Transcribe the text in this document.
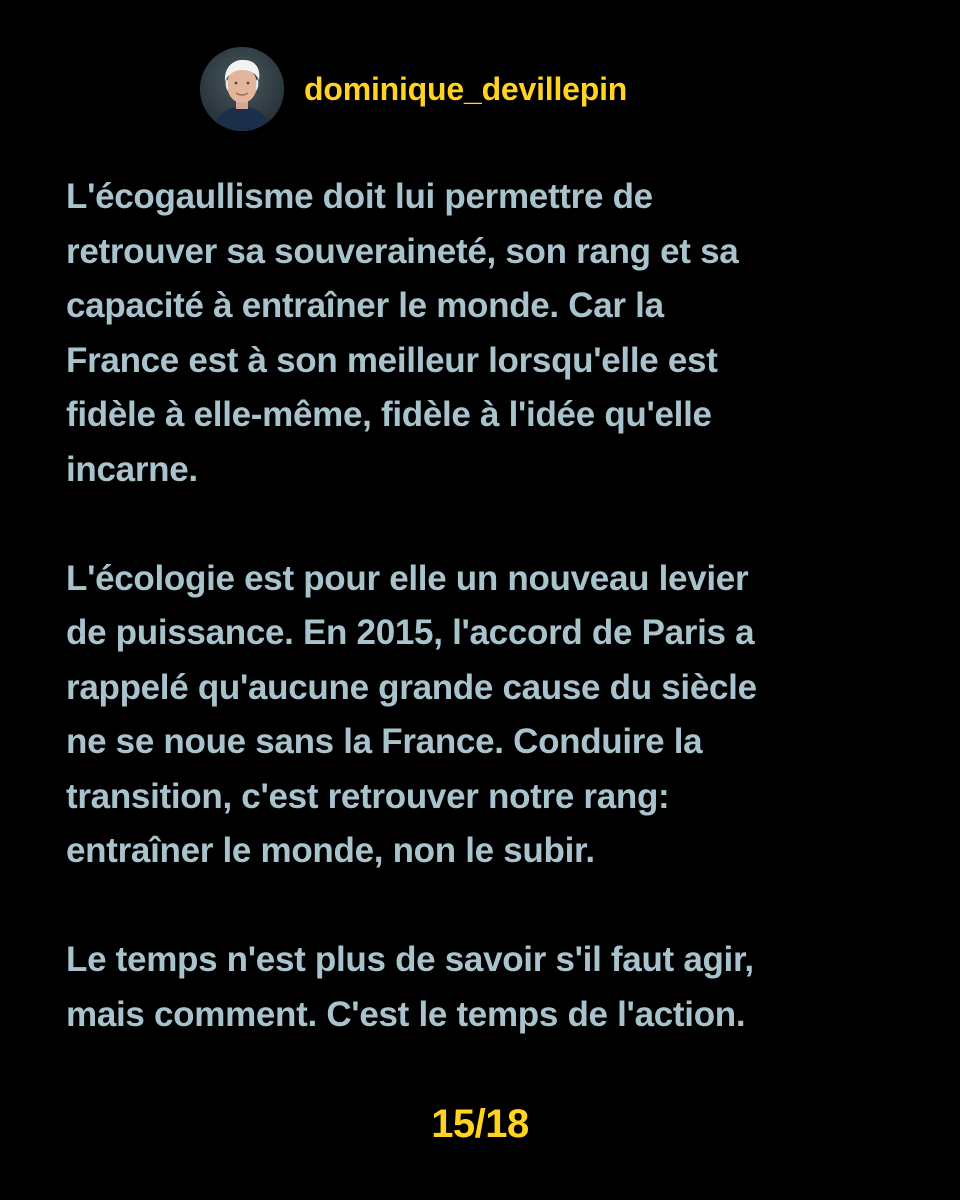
dominique_devillepin

L'écogaullisme doit lui permettre de
retrouver sa souveraineté, son rang et sa
capacité à entraîner le monde. Car la
France est à son meilleur lorsqu'elle est
fidèle à elle-même, fidèle à l'idée qu'elle
incarne.

L'écologie est pour elle un nouveau levier
de puissance. En 2015, l'accord de Paris a
rappelé qu'aucune grande cause du siècle
ne se noue sans la France. Conduire la
transition, c'est retrouver notre rang:
entraîner le monde, non le subir.

Le temps n'est plus de savoir s'il faut agir,
mais comment. C'est le temps de l'action.

15/18
